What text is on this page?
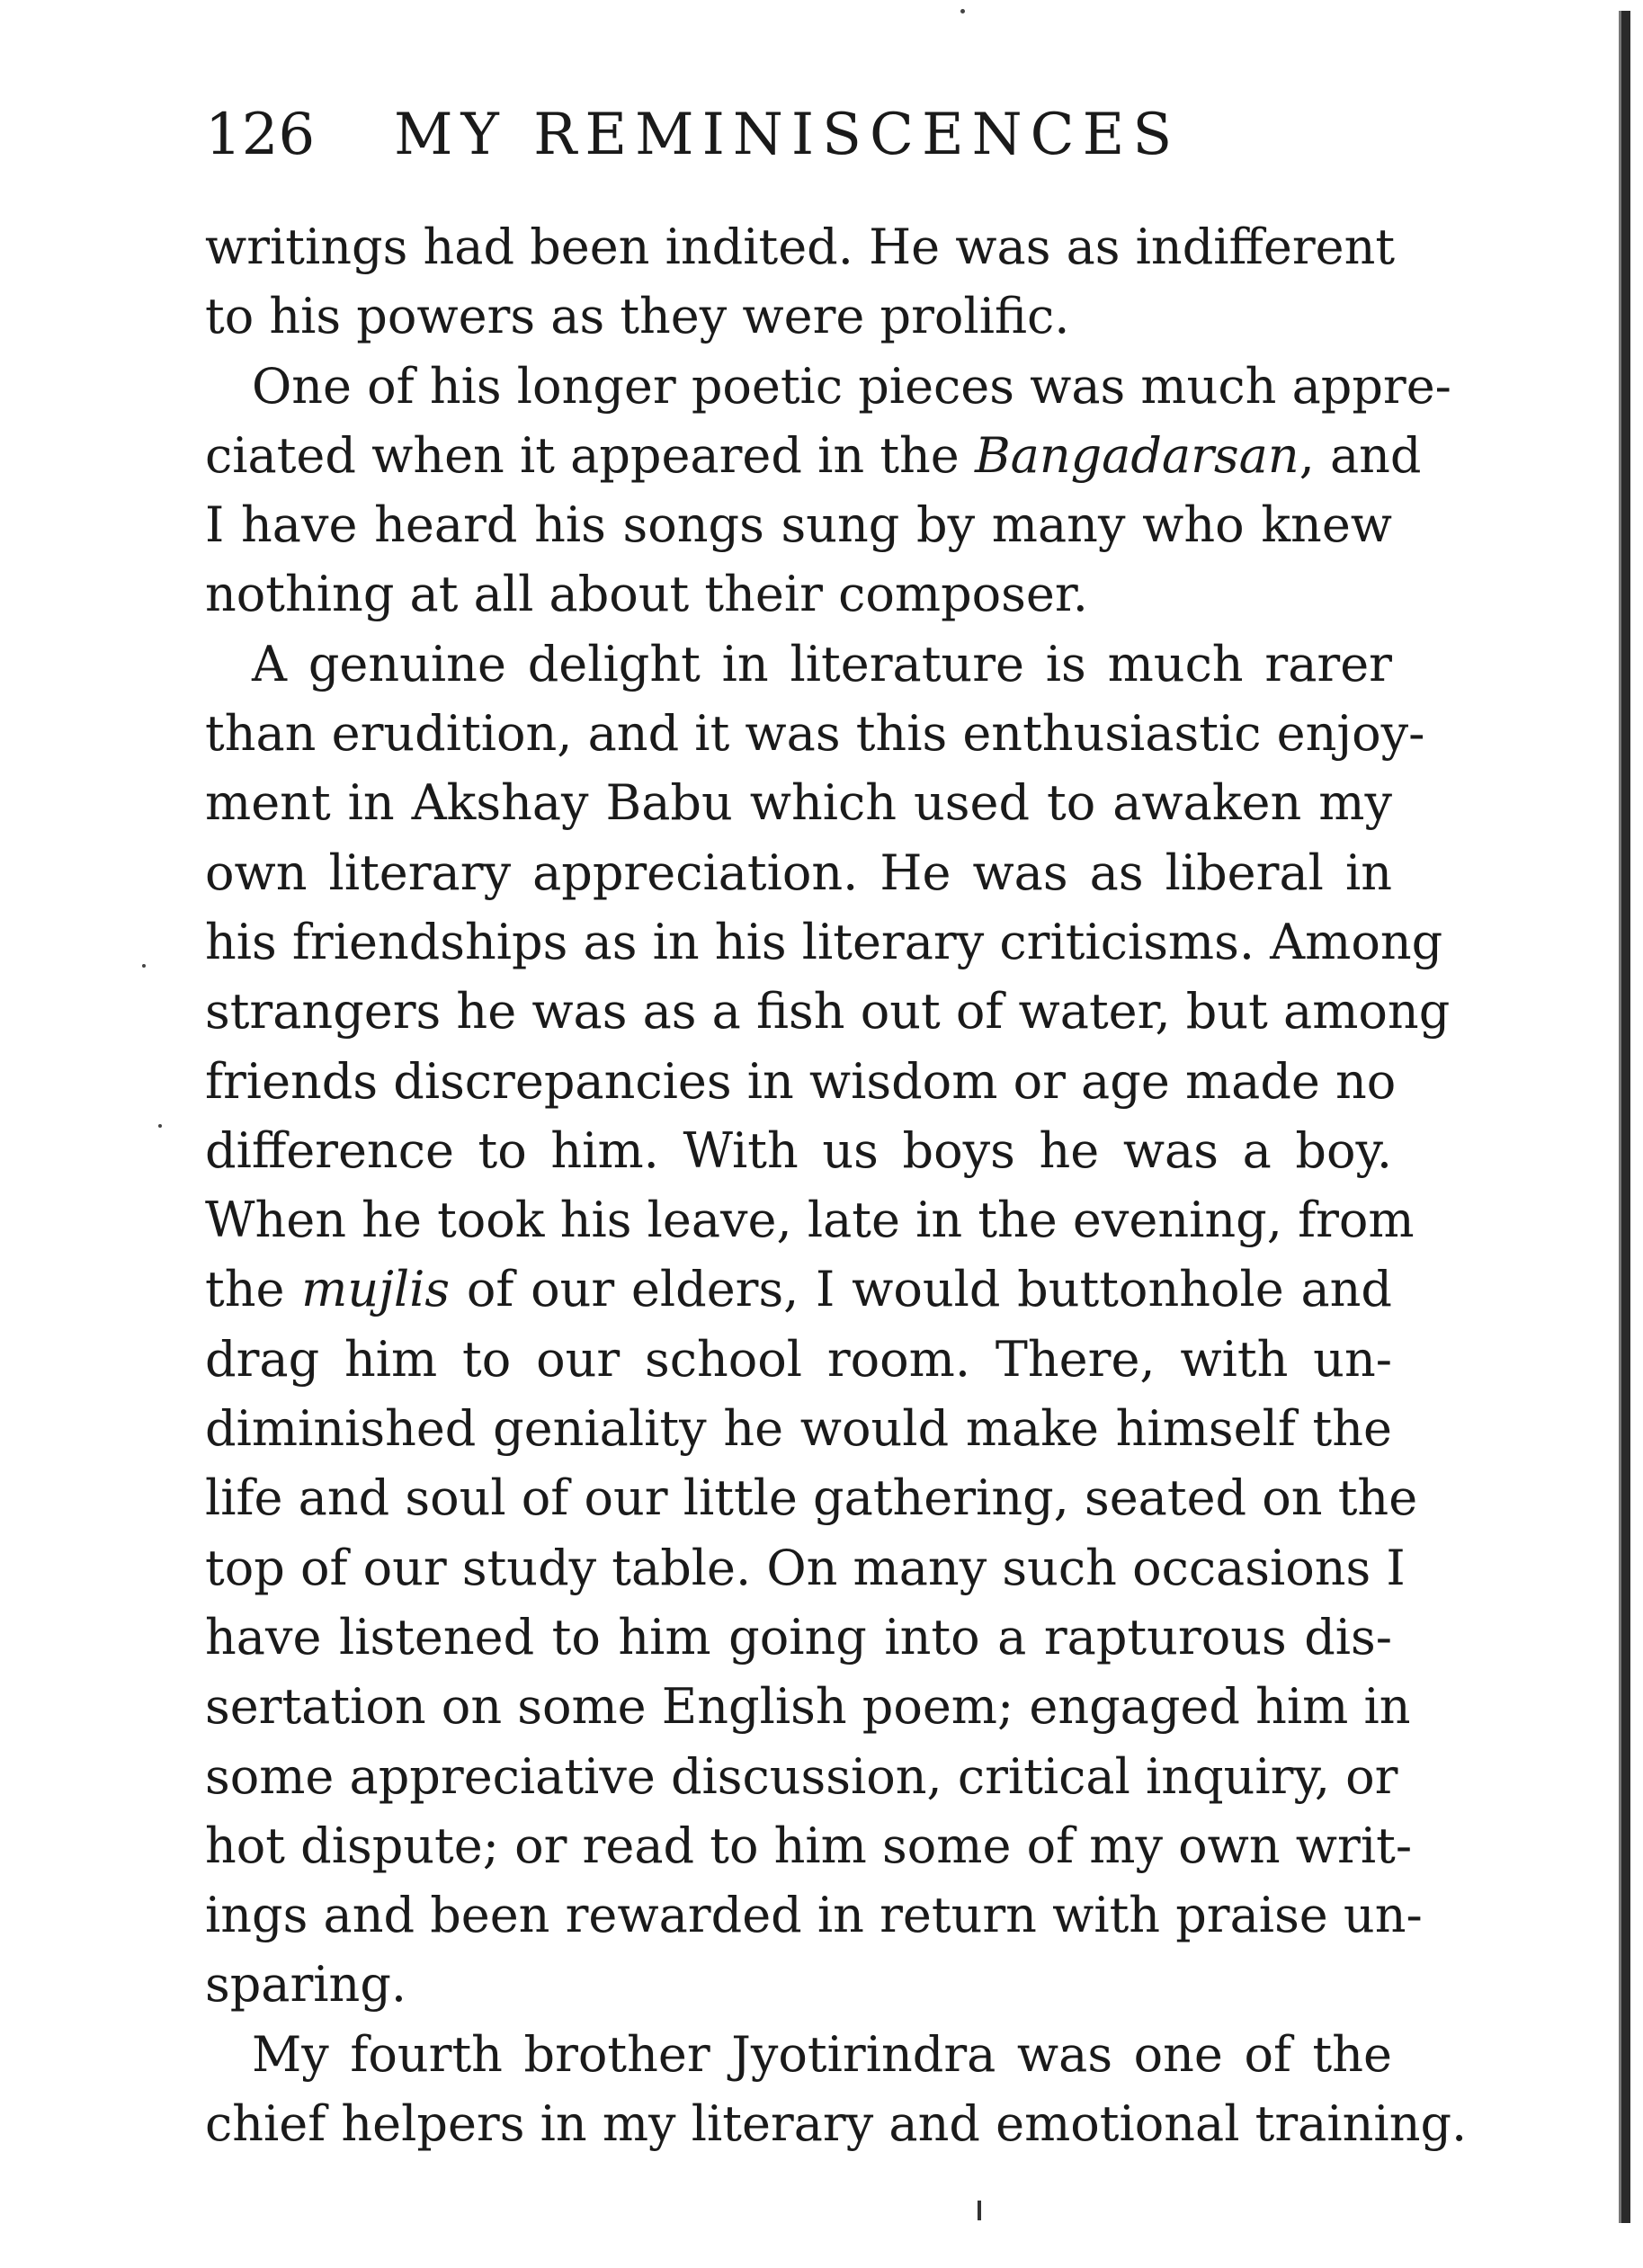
126 MY REMINISCENCES
writings had been indited. He was as indifferent
to his powers as they were prolific.
One of his longer poetic pieces was much appre-
ciated when it appeared in the Bangadarsan, and
I have heard his songs sung by many who knew
nothing at all about their composer.
A genuine delight in literature is much rarer
than erudition, and it was this enthusiastic enjoy-
ment in Akshay Babu which used to awaken my
own literary appreciation. He was as liberal in
his friendships as in his literary criticisms. Among
strangers he was as a fish out of water, but among
friends discrepancies in wisdom or age made no
difference to him. With us boys he was a boy.
When he took his leave, late in the evening, from
the mujlis of our elders, I would buttonhole and
drag him to our school room. There, with un-
diminished geniality he would make himself the
life and soul of our little gathering, seated on the
top of our study table. On many such occasions I
have listened to him going into a rapturous dis-
sertation on some English poem; engaged him in
some appreciative discussion, critical inquiry, or
hot dispute; or read to him some of my own writ-
ings and been rewarded in return with praise un-
sparing.
My fourth brother Jyotirindra was one of the
chief helpers in my literary and emotional training.
